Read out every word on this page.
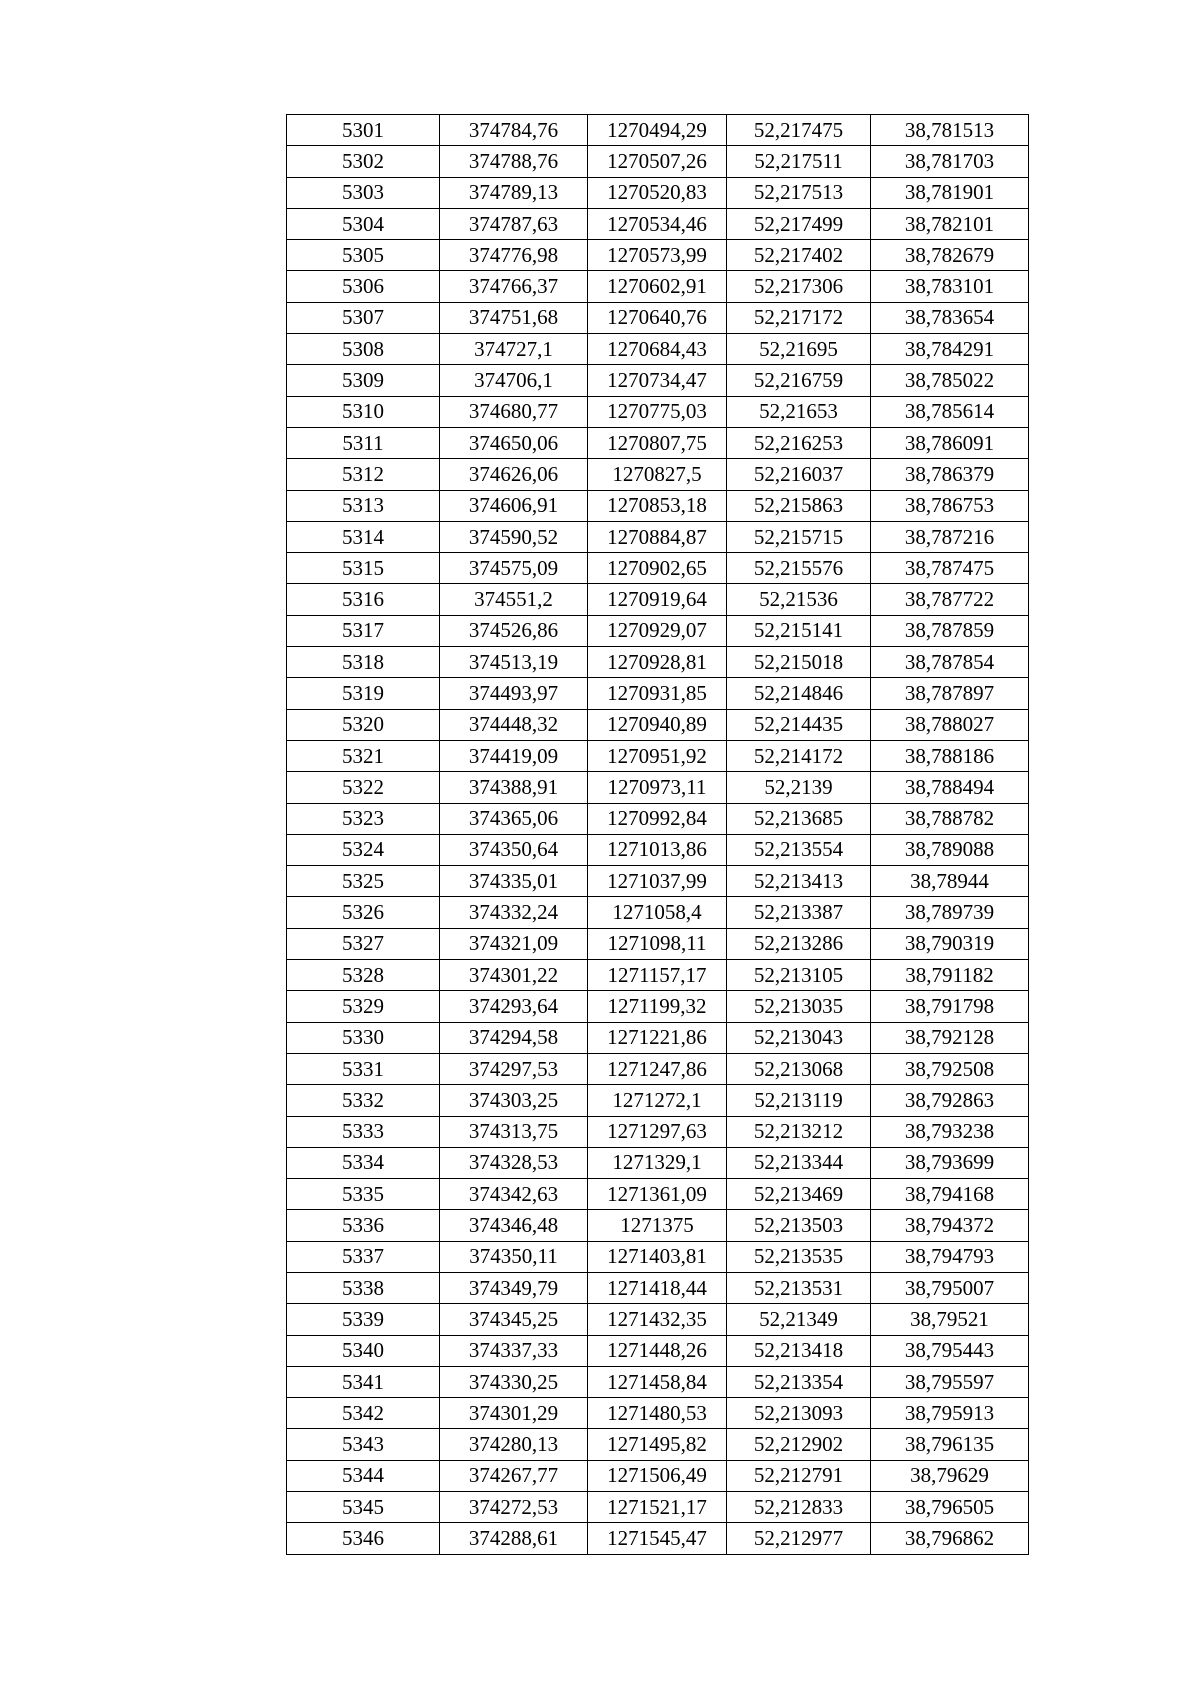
5301	374784,76	1270494,29	52,217475	38,781513
5302	374788,76	1270507,26	52,217511	38,781703
5303	374789,13	1270520,83	52,217513	38,781901
5304	374787,63	1270534,46	52,217499	38,782101
5305	374776,98	1270573,99	52,217402	38,782679
5306	374766,37	1270602,91	52,217306	38,783101
5307	374751,68	1270640,76	52,217172	38,783654
5308	374727,1	1270684,43	52,21695	38,784291
5309	374706,1	1270734,47	52,216759	38,785022
5310	374680,77	1270775,03	52,21653	38,785614
5311	374650,06	1270807,75	52,216253	38,786091
5312	374626,06	1270827,5	52,216037	38,786379
5313	374606,91	1270853,18	52,215863	38,786753
5314	374590,52	1270884,87	52,215715	38,787216
5315	374575,09	1270902,65	52,215576	38,787475
5316	374551,2	1270919,64	52,21536	38,787722
5317	374526,86	1270929,07	52,215141	38,787859
5318	374513,19	1270928,81	52,215018	38,787854
5319	374493,97	1270931,85	52,214846	38,787897
5320	374448,32	1270940,89	52,214435	38,788027
5321	374419,09	1270951,92	52,214172	38,788186
5322	374388,91	1270973,11	52,2139	38,788494
5323	374365,06	1270992,84	52,213685	38,788782
5324	374350,64	1271013,86	52,213554	38,789088
5325	374335,01	1271037,99	52,213413	38,78944
5326	374332,24	1271058,4	52,213387	38,789739
5327	374321,09	1271098,11	52,213286	38,790319
5328	374301,22	1271157,17	52,213105	38,791182
5329	374293,64	1271199,32	52,213035	38,791798
5330	374294,58	1271221,86	52,213043	38,792128
5331	374297,53	1271247,86	52,213068	38,792508
5332	374303,25	1271272,1	52,213119	38,792863
5333	374313,75	1271297,63	52,213212	38,793238
5334	374328,53	1271329,1	52,213344	38,793699
5335	374342,63	1271361,09	52,213469	38,794168
5336	374346,48	1271375	52,213503	38,794372
5337	374350,11	1271403,81	52,213535	38,794793
5338	374349,79	1271418,44	52,213531	38,795007
5339	374345,25	1271432,35	52,21349	38,79521
5340	374337,33	1271448,26	52,213418	38,795443
5341	374330,25	1271458,84	52,213354	38,795597
5342	374301,29	1271480,53	52,213093	38,795913
5343	374280,13	1271495,82	52,212902	38,796135
5344	374267,77	1271506,49	52,212791	38,79629
5345	374272,53	1271521,17	52,212833	38,796505
5346	374288,61	1271545,47	52,212977	38,796862
